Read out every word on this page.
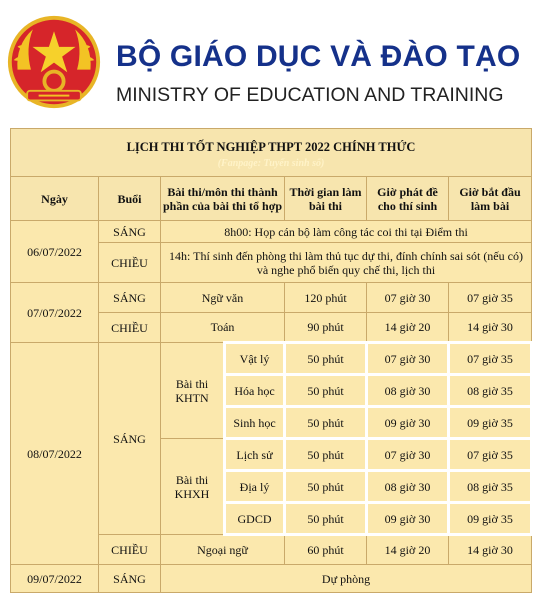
BỘ GIÁO DỤC VÀ ĐÀO TẠO
MINISTRY OF EDUCATION AND TRAINING
LỊCH THI TỐT NGHIỆP THPT 2022 CHÍNH THỨC
(Fanpage: Tuyển sinh số)						

Ngày	Buổi	Bài thi/môn thi thành phần của bài thi tổ hợp		Thời gian làm bài thi	Giờ phát đề cho thí sinh	Giờ bắt đầu làm bài
06/07/2022	SÁNG	8h00: Họp cán bộ làm công tác coi thi tại Điểm thi				
	CHIỀU	14h: Thí sinh đến phòng thi làm thủ tục dự thi, đính chính sai sót (nếu có) và nghe phổ biến quy chế thi, lịch thi				
07/07/2022	SÁNG	Ngữ văn		120 phút	07 giờ 30	07 giờ 35
	CHIỀU	Toán		90 phút	14 giờ 20	14 giờ 30
08/07/2022	SÁNG	Bài thi KHTN	Vật lý	50 phút	07 giờ 30	07 giờ 35
			Hóa học	50 phút	08 giờ 30	08 giờ 35
			Sinh học	50 phút	09 giờ 30	09 giờ 35
		Bài thi KHXH	Lịch sử	50 phút	07 giờ 30	07 giờ 35
			Địa lý	50 phút	08 giờ 30	08 giờ 35
			GDCD	50 phút	09 giờ 30	09 giờ 35
	CHIỀU	Ngoại ngữ		60 phút	14 giờ 20	14 giờ 30
09/07/2022	SÁNG	Dự phòng				
